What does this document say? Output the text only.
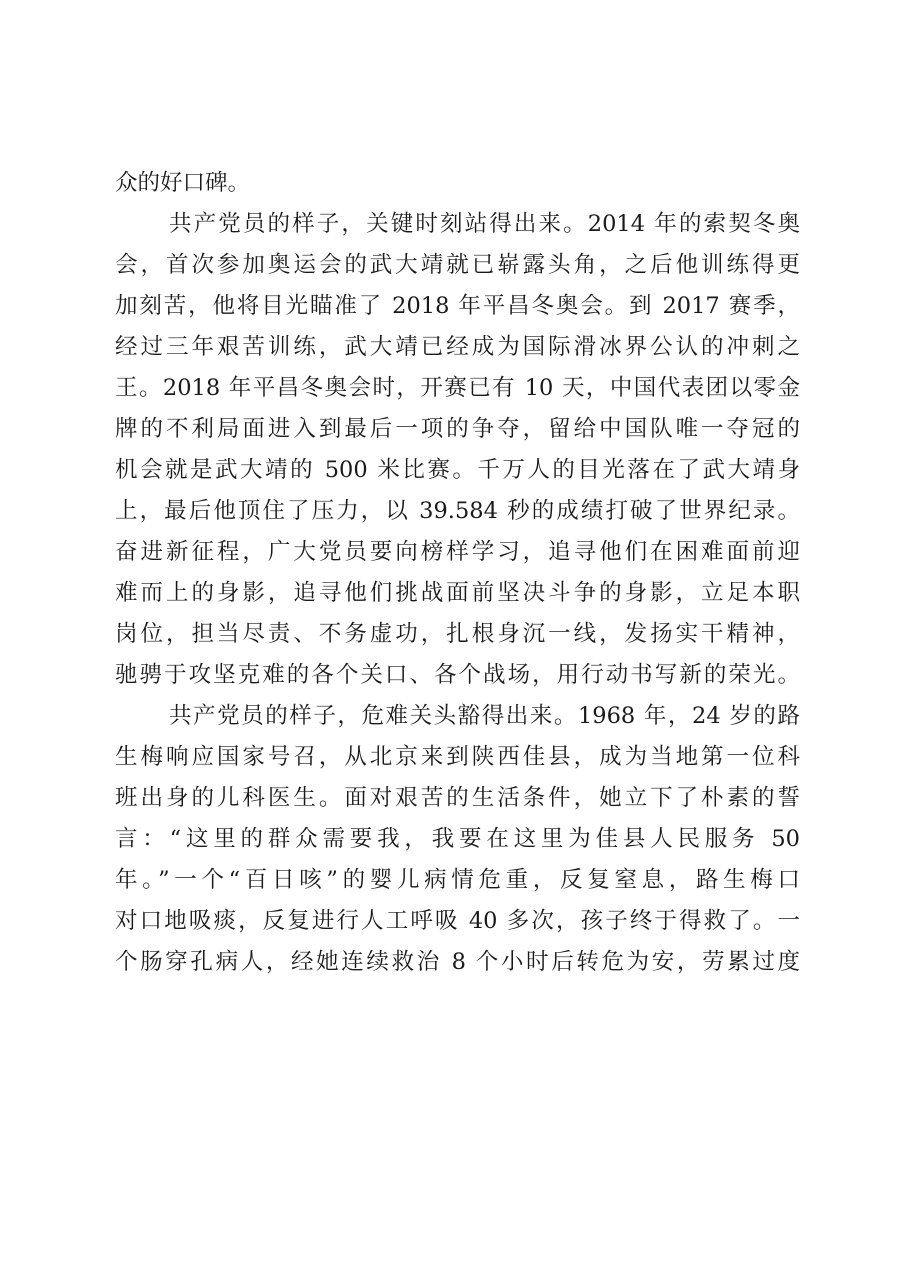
众的好口碑。
共产党员的样子，关键时刻站得出来。2014 年的索契冬奥
会，首次参加奥运会的武大靖就已崭露头角，之后他训练得更
加刻苦，他将目光瞄准了 2018 年平昌冬奥会。到 2017 赛季，
经过三年艰苦训练，武大靖已经成为国际滑冰界公认的冲刺之
王。2018 年平昌冬奥会时，开赛已有 10 天，中国代表团以零金
牌的不利局面进入到最后一项的争夺，留给中国队唯一夺冠的
机会就是武大靖的 500 米比赛。千万人的目光落在了武大靖身
上，最后他顶住了压力，以 39.584 秒的成绩打破了世界纪录。
奋进新征程，广大党员要向榜样学习，追寻他们在困难面前迎
难而上的身影，追寻他们挑战面前坚决斗争的身影，立足本职
岗位，担当尽责、不务虚功，扎根身沉一线，发扬实干精神，
驰骋于攻坚克难的各个关口、各个战场，用行动书写新的荣光。
共产党员的样子，危难关头豁得出来。1968 年，24 岁的路
生梅响应国家号召，从北京来到陕西佳县，成为当地第一位科
班出身的儿科医生。面对艰苦的生活条件，她立下了朴素的誓
言：“这里的群众需要我，我要在这里为佳县人民服务 50
年。”一个“百日咳”的婴儿病情危重，反复窒息，路生梅口
对口地吸痰，反复进行人工呼吸 40 多次，孩子终于得救了。一
个肠穿孔病人，经她连续救治 8 个小时后转危为安，劳累过度
